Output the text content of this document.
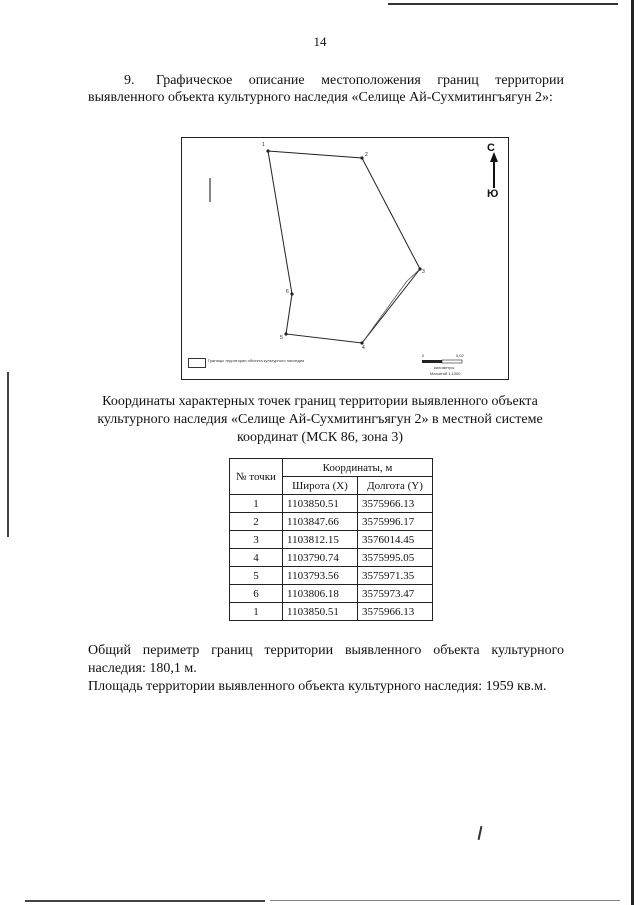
14
9. Графическое описание местоположения границ территории выявленного объекта культурного наследия «Селище Ай-Сухмитингъягун 2»:
1
2
3
4
5
6
С
Ю
Границы территории объекта культурного наследия
0	0,02
километры
Масштаб 1:1000
Координаты характерных точек границ территории выявленного объекта культурного наследия «Селище Ай-Сухмитингъягун 2» в местной системе координат (МСК 86, зона 3)
№ точки	Координаты, м	
	Широта (X)	Долгота (Y)
1	1103850.51	3575966.13
2	1103847.66	3575996.17
3	1103812.15	3576014.45
4	1103790.74	3575995.05
5	1103793.56	3575971.35
6	1103806.18	3575973.47
1	1103850.51	3575966.13
Общий периметр границ территории выявленного объекта культурного наследия: 180,1 м.
Площадь территории выявленного объекта культурного наследия: 1959 кв.м.
